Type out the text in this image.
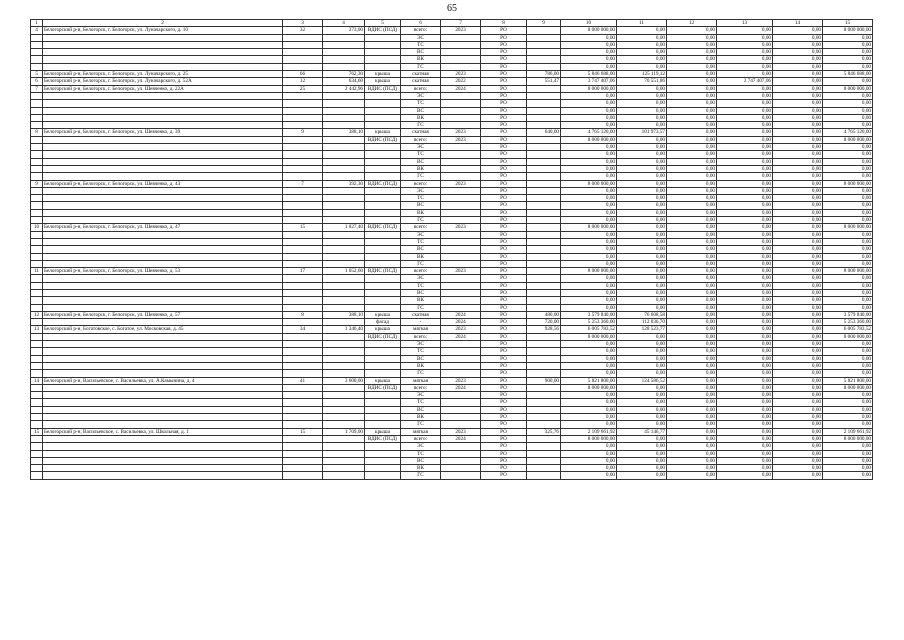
65
1	2	3	4	5	6	7	8	9	10	11	12	13	14	15
4	Белогорский р-н, Белогорск, г. Белогорск, ул. Луначарского, д. 10	32	373,00	ВДИС (ПСД)	всего:	2023	РО		8 000 000,00	0,00	0,00	0,00	0,00	8 000 000,00
					ЭС		РО		0,00	0,00	0,00	0,00	0,00	0,00
					ТС		РО		0,00	0,00	0,00	0,00	0,00	0,00
					ВС		РО		0,00	0,00	0,00	0,00	0,00	0,00
					ВК		РО		0,00	0,00	0,00	0,00	0,00	0,00
					ГС		РО		0,00	0,00	0,00	0,00	0,00	0,00
5	Белогорский р-н, Белогорск, г. Белогорск, ул. Луначарского, д. 25	66	762,30	крыша	скатная	2023	РО	786,00	5 846 688,00	125 119,12	0,00	0,00	0,00	5 846 688,00
6	Белогорский р-н, Белогорск, г. Белогорск, ул. Луначарского, д. 52А	12	634,60	крыша	скатная	2022	РО	551,47	3 747 407,06	70 551,86	0,00	3 747 407,06	0,00	0,00
7	Белогорский р-н, Белогорск, г. Белогорск, ул. Шевченко, д. 22А	25	2 442,96	ВДИС (ПСД)	всего:	2024	РО		8 000 000,00	0,00	0,00	0,00	0,00	8 000 000,00
					ЭС		РО		0,00	0,00	0,00	0,00	0,00	0,00
					ТС		РО		0,00	0,00	0,00	0,00	0,00	0,00
					ВС		РО		0,00	0,00	0,00	0,00	0,00	0,00
					ВК		РО		0,00	0,00	0,00	0,00	0,00	0,00
					ГС		РО		0,00	0,00	0,00	0,00	0,00	0,00
8	Белогорский р-н, Белогорск, г. Белогорск, ул. Шевченко, д. 39	9	388,10	крыша	скатная	2023	РО	640,00	4 765 120,00	101 973,57	0,00	0,00	0,00	4 765 120,00
				ВДИС (ПСД)	всего:	2023	РО		8 000 000,00	0,00	0,00	0,00	0,00	8 000 000,00
					ЭС		РО		0,00	0,00	0,00	0,00	0,00	0,00
					ТС		РО		0,00	0,00	0,00	0,00	0,00	0,00
					ВС		РО		0,00	0,00	0,00	0,00	0,00	0,00
					ВК		РО		0,00	0,00	0,00	0,00	0,00	0,00
					ГС		РО		0,00	0,00	0,00	0,00	0,00	0,00
9	Белогорский р-н, Белогорск, г. Белогорск, ул. Шевченко, д. 43	7	392,30	ВДИС (ПСД)	всего:	2023	РО		8 000 000,00	0,00	0,00	0,00	0,00	8 000 000,00
					ЭС		РО		0,00	0,00	0,00	0,00	0,00	0,00
					ТС		РО		0,00	0,00	0,00	0,00	0,00	0,00
					ВС		РО		0,00	0,00	0,00	0,00	0,00	0,00
					ВК		РО		0,00	0,00	0,00	0,00	0,00	0,00
					ГС		РО		0,00	0,00	0,00	0,00	0,00	0,00
10	Белогорский р-н, Белогорск, г. Белогорск, ул. Шевченко, д. 47	15	1 027,40	ВДИС (ПСД)	всего:	2023	РО		8 000 000,00	0,00	0,00	0,00	0,00	8 000 000,00
					ЭС		РО		0,00	0,00	0,00	0,00	0,00	0,00
					ТС		РО		0,00	0,00	0,00	0,00	0,00	0,00
					ВС		РО		0,00	0,00	0,00	0,00	0,00	0,00
					ВК		РО		0,00	0,00	0,00	0,00	0,00	0,00
					ГС		РО		0,00	0,00	0,00	0,00	0,00	0,00
11	Белогорский р-н, Белогорск, г. Белогорск, ул. Шевченко, д. 53	17	1 052,60	ВДИС (ПСД)	всего:	2023	РО		8 000 000,00	0,00	0,00	0,00	0,00	8 000 000,00
					ЭС		РО		0,00	0,00	0,00	0,00	0,00	0,00
					ТС		РО		0,00	0,00	0,00	0,00	0,00	0,00
					ВС		РО		0,00	0,00	0,00	0,00	0,00	0,00
					ВК		РО		0,00	0,00	0,00	0,00	0,00	0,00
					ГС		РО		0,00	0,00	0,00	0,00	0,00	0,00
12	Белогорский р-н, Белогорск, г. Белогорск, ул. Шевченко, д. 57	8	388,10	крыша	скатная	2024	РО	480,00	3 579 840,00	76 608,58	0,00	0,00	0,00	3 579 840,00
				фасад	-	2024	РО	720,00	5 253 360,00	112 036,70	0,00	0,00	0,00	5 253 360,00
13	Белогорский р-н, Богатовское, с. Богатое, ул. Московская, д. 45	34	1 346,40	крыша	мягкая	2023	РО	928,56	6 005 783,52	128 523,77	0,00	0,00	0,00	6 005 783,52
				ВДИС (ПСД)	всего:	2024	РО		8 000 000,00	0,00	0,00	0,00	0,00	8 000 000,00
					ЭС		РО		0,00	0,00	0,00	0,00	0,00	0,00
					ТС		РО		0,00	0,00	0,00	0,00	0,00	0,00
					ВС		РО		0,00	0,00	0,00	0,00	0,00	0,00
					ВК		РО		0,00	0,00	0,00	0,00	0,00	0,00
					ГС		РО		0,00	0,00	0,00	0,00	0,00	0,00
14	Белогорский р-н, Васильевское, с. Васильевка, ул. А.Камынина, д. 4	41	3 600,00	крыша	мягкая	2023	РО	900,00	5 821 800,00	124 586,52	0,00	0,00	0,00	5 821 800,00
				ВДИС (ПСД)	всего:	2024	РО		8 000 000,00	0,00	0,00	0,00	0,00	8 000 000,00
					ЭС		РО		0,00	0,00	0,00	0,00	0,00	0,00
					ТС		РО		0,00	0,00	0,00	0,00	0,00	0,00
					ВС		РО		0,00	0,00	0,00	0,00	0,00	0,00
					ВК		РО		0,00	0,00	0,00	0,00	0,00	0,00
					ГС		РО		0,00	0,00	0,00	0,00	0,00	0,00
15	Белогорский р-н, Васильевское, с. Васильевка, ул. Школьная, д. 1	15	1 709,00	крыша	мягкая	2023	РО	325,76	2 109 661,92	45 146,77	0,00	0,00	0,00	2 109 661,92
				ВДИС (ПСД)	всего:	2024	РО		8 000 000,00	0,00	0,00	0,00	0,00	8 000 000,00
					ЭС		РО		0,00	0,00	0,00	0,00	0,00	0,00
					ТС		РО		0,00	0,00	0,00	0,00	0,00	0,00
					ВС		РО		0,00	0,00	0,00	0,00	0,00	0,00
					ВК		РО		0,00	0,00	0,00	0,00	0,00	0,00
					ГС		РО		0,00	0,00	0,00	0,00	0,00	0,00
